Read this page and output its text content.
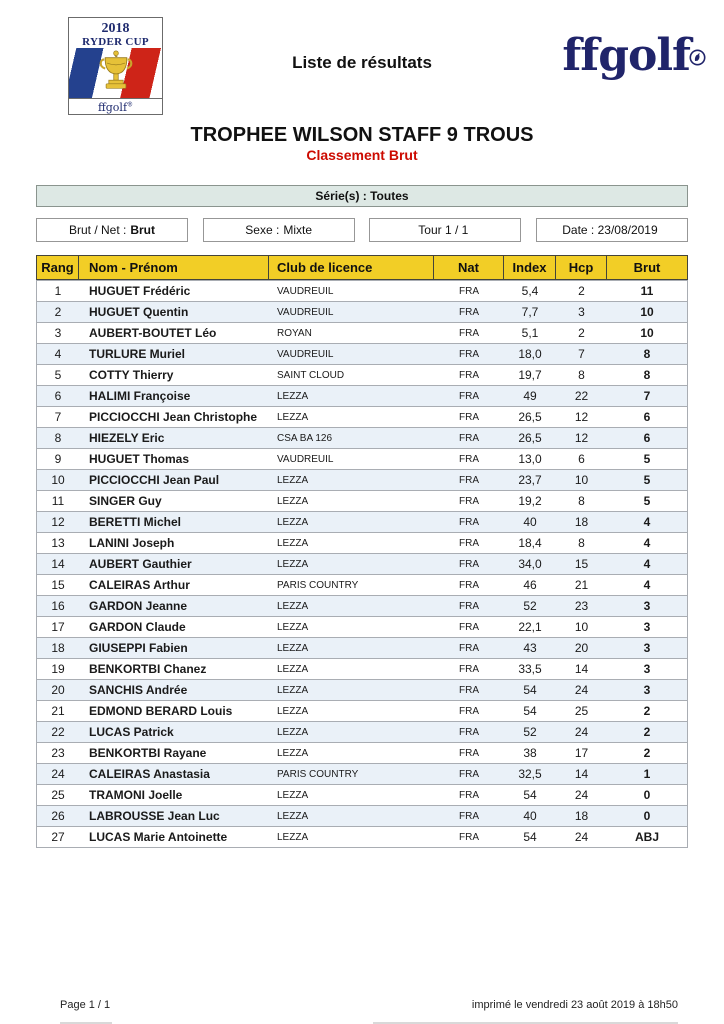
2018
RYDER CUP
ffgolf®
Liste de résultats	ffgolf
TROPHEE WILSON STAFF 9 TROUS
Classement Brut
Série(s) : Toutes
Brut / Net : Brut	Sexe : Mixte	Tour 1 / 1	Date : 23/08/2019
Rang	Nom - Prénom	Club de licence	Nat	Index	Hcp	Brut
1	HUGUET Frédéric	VAUDREUIL	FRA	5,4	2	11
2	HUGUET Quentin	VAUDREUIL	FRA	7,7	3	10
3	AUBERT-BOUTET Léo	ROYAN	FRA	5,1	2	10
4	TURLURE Muriel	VAUDREUIL	FRA	18,0	7	8
5	COTTY Thierry	SAINT CLOUD	FRA	19,7	8	8
6	HALIMI Françoise	LEZZA	FRA	49	22	7
7	PICCIOCCHI Jean Christophe	LEZZA	FRA	26,5	12	6
8	HIEZELY Eric	CSA BA 126	FRA	26,5	12	6
9	HUGUET Thomas	VAUDREUIL	FRA	13,0	6	5
10	PICCIOCCHI Jean Paul	LEZZA	FRA	23,7	10	5
11	SINGER Guy	LEZZA	FRA	19,2	8	5
12	BERETTI Michel	LEZZA	FRA	40	18	4
13	LANINI Joseph	LEZZA	FRA	18,4	8	4
14	AUBERT Gauthier	LEZZA	FRA	34,0	15	4
15	CALEIRAS Arthur	PARIS COUNTRY	FRA	46	21	4
16	GARDON Jeanne	LEZZA	FRA	52	23	3
17	GARDON Claude	LEZZA	FRA	22,1	10	3
18	GIUSEPPI Fabien	LEZZA	FRA	43	20	3
19	BENKORTBI Chanez	LEZZA	FRA	33,5	14	3
20	SANCHIS Andrée	LEZZA	FRA	54	24	3
21	EDMOND BERARD Louis	LEZZA	FRA	54	25	2
22	LUCAS Patrick	LEZZA	FRA	52	24	2
23	BENKORTBI Rayane	LEZZA	FRA	38	17	2
24	CALEIRAS Anastasia	PARIS COUNTRY	FRA	32,5	14	1
25	TRAMONI Joelle	LEZZA	FRA	54	24	0
26	LABROUSSE Jean Luc	LEZZA	FRA	40	18	0
27	LUCAS Marie Antoinette	LEZZA	FRA	54	24	ABJ
Page 1 / 1	imprimé le vendredi 23 août 2019 à 18h50
